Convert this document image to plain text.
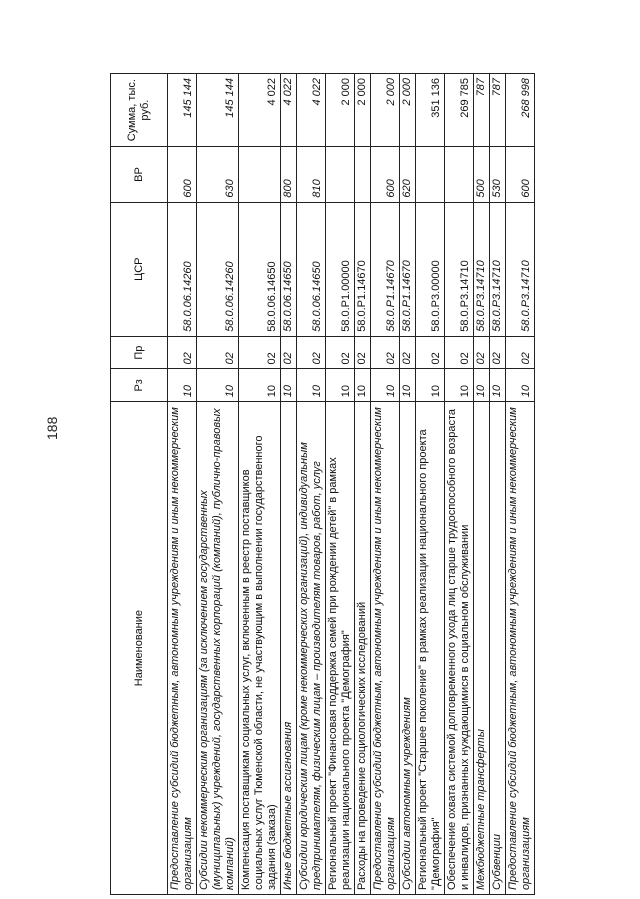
188
Наименование	Рз	Пр	ЦСР	ВР	Сумма, тыс. руб.
Предоставление субсидий бюджетным, автономным учреждениям и иным некоммерческим организациям	10	02	58.0.06.14260	600	145 144
Субсидии некоммерческим организациям (за исключением государственных (муниципальных) учреждений, государственных корпораций (компаний), публично-правовых компаний)	10	02	58.0.06.14260	630	145 144
Компенсация поставщикам социальных услуг, включенным в реестр поставщиков социальных услуг Тюменской области, не участвующим в выполнении государственного задания (заказа)	10	02	58.0.06.14650		4 022
Иные бюджетные ассигнования	10	02	58.0.06.14650	800	4 022
Субсидии юридическим лицам (кроме некоммерческих организаций), индивидуальным предпринимателям, физическим лицам – производителям товаров, работ, услуг	10	02	58.0.06.14650	810	4 022
Региональный проект "Финансовая поддержка семей при рождении детей" в рамках реализации национального проекта "Демография"	10	02	58.0.P1.00000		2 000
Расходы на проведение социологических исследований	10	02	58.0.P1.14670		2 000
Предоставление субсидий бюджетным, автономным учреждениям и иным некоммерческим организациям	10	02	58.0.P1.14670	600	2 000
Субсидии автономным учреждениям	10	02	58.0.P1.14670	620	2 000
Региональный проект "Старшее поколение" в рамках реализации национального проекта "Демография"	10	02	58.0.P3.00000		351 136
Обеспечение охвата системой долговременного ухода лиц старше трудоспособного возраста и инвалидов, признанных нуждающимися в социальном обслуживании	10	02	58.0.P3.14710		269 785
Межбюджетные трансферты	10	02	58.0.P3.14710	500	787
Субвенции	10	02	58.0.P3.14710	530	787
Предоставление субсидий бюджетным, автономным учреждениям и иным некоммерческим организациям	10	02	58.0.P3.14710	600	268 998
